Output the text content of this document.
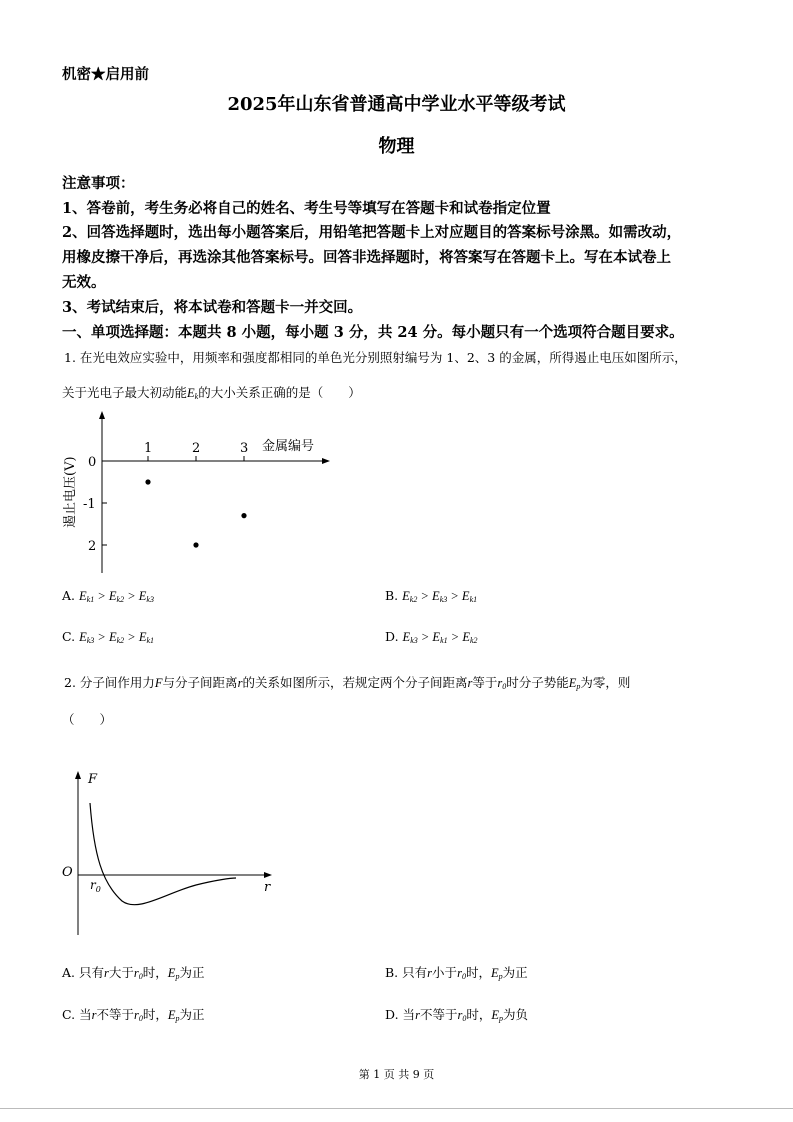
机密★启用前
2025年山东省普通高中学业水平等级考试
物理
注意事项：
1、答卷前，考生务必将自己的姓名、考生号等填写在答题卡和试卷指定位置
2、回答选择题时，选出每小题答案后，用铅笔把答题卡上对应题目的答案标号涂黑。如需改动，
用橡皮擦干净后，再选涂其他答案标号。回答非选择题时，将答案写在答题卡上。写在本试卷上
无效。
3、考试结束后，将本试卷和答题卡一并交回。
一、单项选择题：本题共 8 小题，每小题 3 分，共 24 分。每小题只有一个选项符合题目要求。
1. 在光电效应实验中，用频率和强度都相同的单色光分别照射编号为 1、2、3 的金属，所得遏止电压如图所示，
关于光电子最大初动能$E_k$的大小关系正确的是（　　）
1	2	3
0
-1
2
金属编号
遏止电压(V)
A. $E_{k1} > E_{k2} > E_{k3}$	B. $E_{k2} > E_{k3} > E_{k1}$
C. $E_{k3} > E_{k2} > E_{k1}$	D. $E_{k3} > E_{k1} > E_{k2}$
2. 分子间作用力F与分子间距离r的关系如图所示，若规定两个分子间距离r等于$r_0$时分子势能$E_p$为零，则
（　　）
F
O
$r_0$	r
A. 只有r大于$r_0$时，$E_p$为正	B. 只有r小于$r_0$时，$E_p$为正
C. 当r不等于$r_0$时，$E_p$为正	D. 当r不等于$r_0$时，$E_p$为负
第 1 页 共 9 页
